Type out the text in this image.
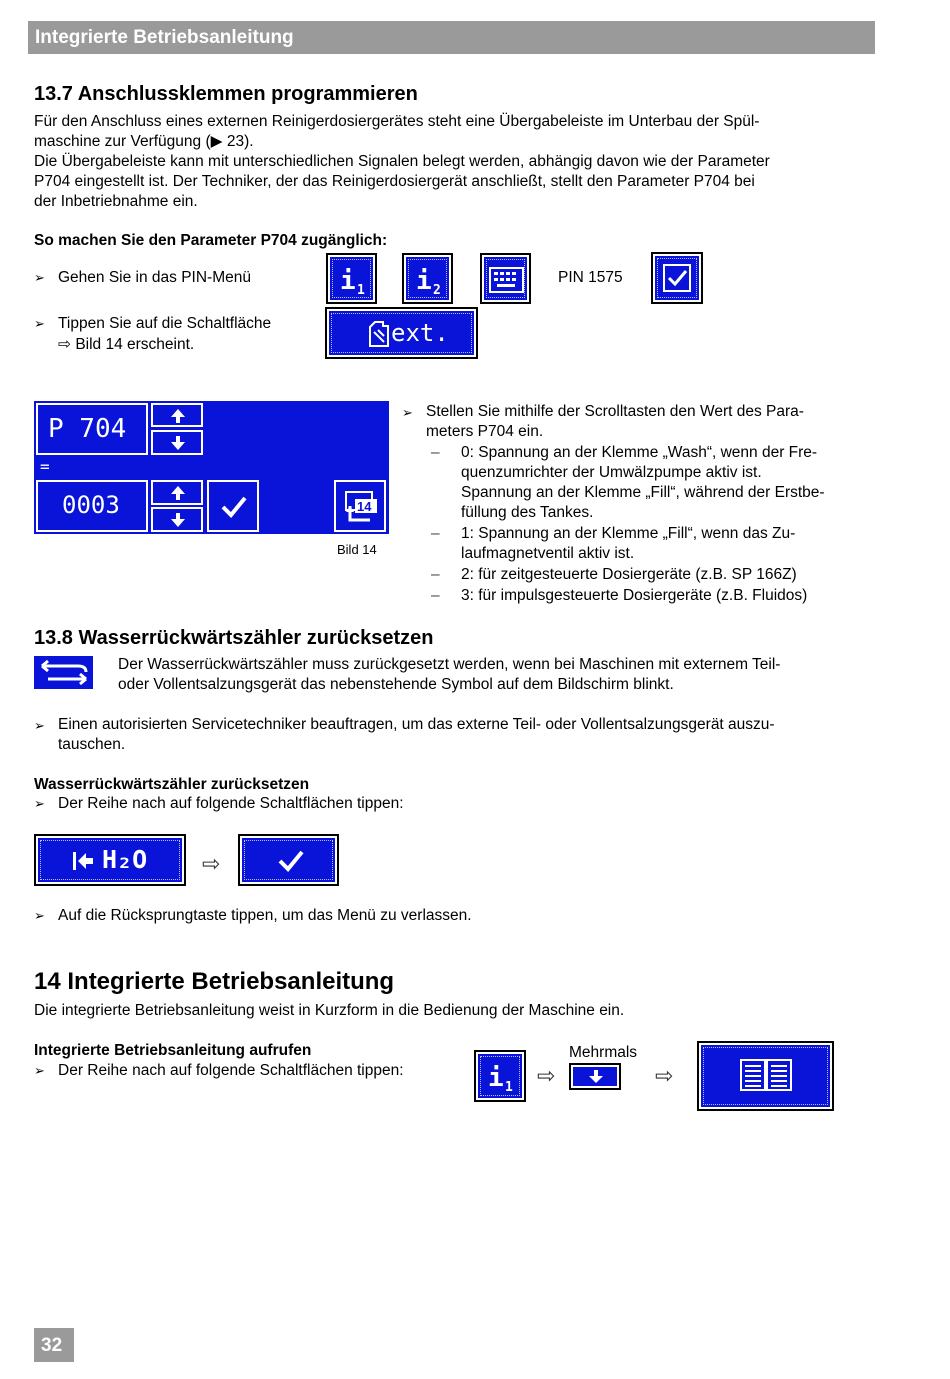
Integrierte Betriebsanleitung
13.7 Anschlussklemmen programmieren
Für den Anschluss eines externen Reinigerdosiergerätes steht eine Übergabeleiste im Unterbau der Spül-
maschine zur Verfügung (▶ 23).
Die Übergabeleiste kann mit unterschiedlichen Signalen belegt werden, abhängig davon wie der Parameter
P704 eingestellt ist. Der Techniker, der das Reinigerdosiergerät anschließt, stellt den Parameter P704 bei
der Inbetriebnahme ein.
So machen Sie den Parameter P704 zugänglich:
➢ Gehen Sie in das PIN-Menü	i 1 i 2
PIN 1575
➢ Tippen Sie auf die Schaltfläche
⇨ Bild 14 erscheint.	ext.
P 704
=
0003	14
Bild 14
➢ Stellen Sie mithilfe der Scrolltasten den Wert des Para-
meters P704 ein.
– 0: Spannung an der Klemme „Wash“, wenn der Fre-
quenzumrichter der Umwälzpumpe aktiv ist.
Spannung an der Klemme „Fill“, während der Erstbe-
füllung des Tankes.
– 1: Spannung an der Klemme „Fill“, wenn das Zu-
laufmagnetventil aktiv ist.
– 2: für zeitgesteuerte Dosiergeräte (z.B. SP 166Z)
– 3: für impulsgesteuerte Dosiergeräte (z.B. Fluidos)
13.8 Wasserrückwärtszähler zurücksetzen
Der Wasserrückwärtszähler muss zurückgesetzt werden, wenn bei Maschinen mit externem Teil-
oder Vollentsalzungsgerät das nebenstehende Symbol auf dem Bildschirm blinkt.
➢ Einen autorisierten Servicetechniker beauftragen, um das externe Teil- oder Vollentsalzungsgerät auszu-
tauschen.
Wasserrückwärtszähler zurücksetzen
➢ Der Reihe nach auf folgende Schaltflächen tippen:
H₂O ⇨
➢ Auf die Rücksprungtaste tippen, um das Menü zu verlassen.
14 Integrierte Betriebsanleitung
Die integrierte Betriebsanleitung weist in Kurzform in die Bedienung der Maschine ein.
Integrierte Betriebsanleitung aufrufen
➢ Der Reihe nach auf folgende Schaltflächen tippen:	i 1 ⇨
Mehrmals
⇨
32
